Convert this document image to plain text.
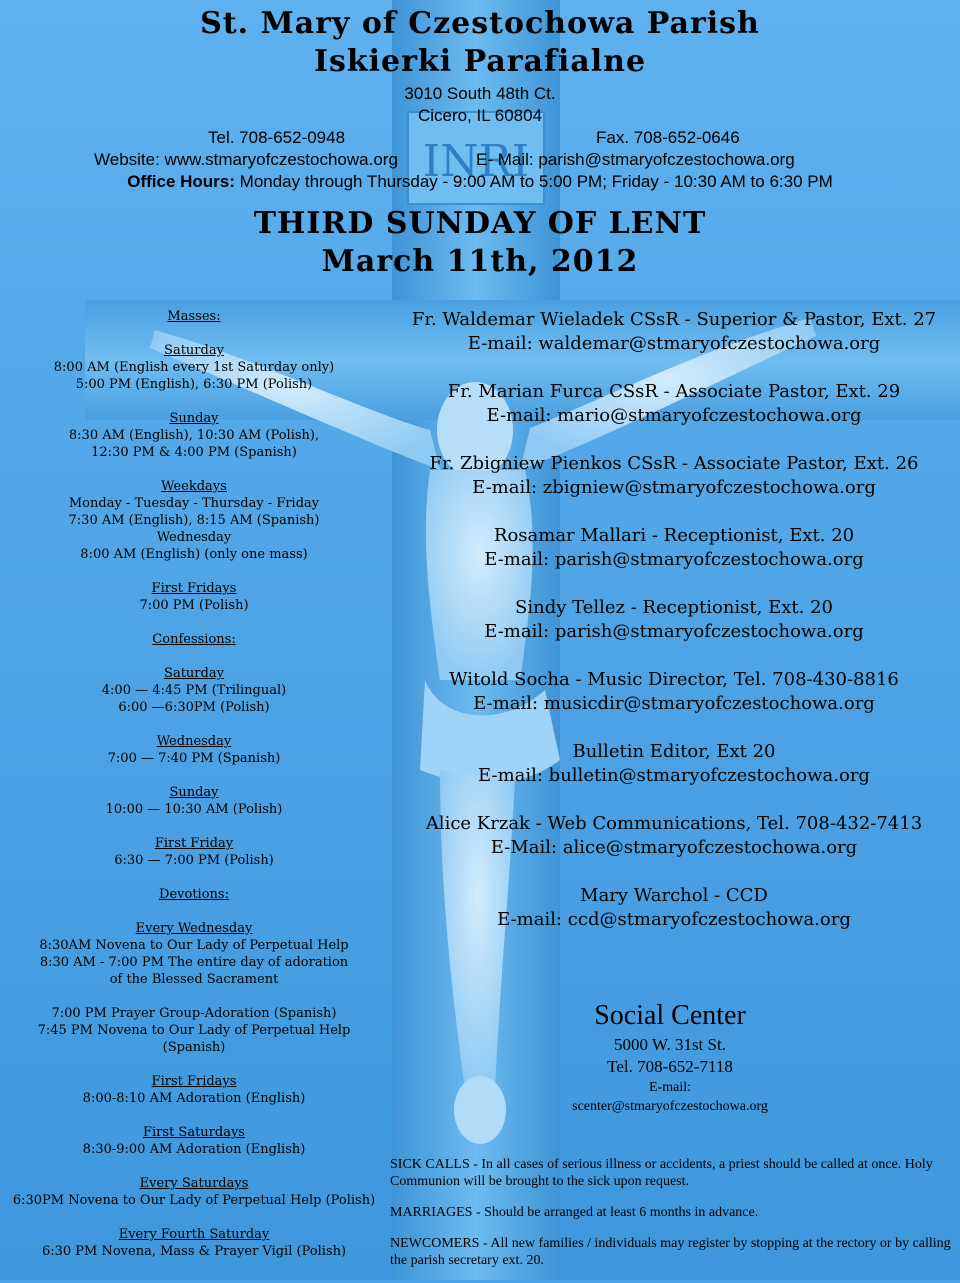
INRI
St. Mary of Czestochowa Parish
Iskierki Parafialne
3010 South 48th Ct.
Cicero, IL 60804
Tel. 708-652-0948	Fax. 708-652-0646
Website: www.stmaryofczestochowa.org	E- Mail: parish@stmaryofczestochowa.org
Office Hours: Monday through Thursday - 9:00 AM to 5:00 PM; Friday - 10:30 AM to 6:30 PM
THIRD SUNDAY OF LENT
March 11th, 2012
Masses:
Saturday
8:00 AM (English every 1st Saturday only)
5:00 PM (English), 6:30 PM (Polish)
Sunday
8:30 AM (English), 10:30 AM (Polish),
12:30 PM & 4:00 PM (Spanish)
Weekdays
Monday - Tuesday - Thursday - Friday
7:30 AM (English), 8:15 AM (Spanish)
Wednesday
8:00 AM (English) (only one mass)
First Fridays
7:00 PM (Polish)
Confessions:
Saturday
4:00 — 4:45 PM (Trilingual)
6:00 —6:30PM (Polish)
Wednesday
7:00 — 7:40 PM (Spanish)
Sunday
10:00 — 10:30 AM (Polish)
First Friday
6:30 — 7:00 PM (Polish)
Devotions:
Every Wednesday
8:30AM Novena to Our Lady of Perpetual Help
8:30 AM - 7:00 PM The entire day of adoration
of the Blessed Sacrament
7:00 PM Prayer Group-Adoration (Spanish)
7:45 PM Novena to Our Lady of Perpetual Help
(Spanish)
First Fridays
8:00-8:10 AM Adoration (English)
First Saturdays
8:30-9:00 AM Adoration (English)
Every Saturdays
6:30PM Novena to Our Lady of Perpetual Help (Polish)
Every Fourth Saturday
6:30 PM Novena, Mass & Prayer Vigil (Polish)
Fr. Waldemar Wieladek CSsR - Superior & Pastor, Ext. 27
E-mail: waldemar@stmaryofczestochowa.org
Fr. Marian Furca CSsR - Associate Pastor, Ext. 29
E-mail: mario@stmaryofczestochowa.org
Fr. Zbigniew Pienkos CSsR - Associate Pastor, Ext. 26
E-mail: zbigniew@stmaryofczestochowa.org
Rosamar Mallari - Receptionist, Ext. 20
E-mail: parish@stmaryofczestochowa.org
Sindy Tellez - Receptionist, Ext. 20
E-mail: parish@stmaryofczestochowa.org
Witold Socha - Music Director, Tel. 708-430-8816
E-mail: musicdir@stmaryofczestochowa.org
Bulletin Editor, Ext 20
E-mail: bulletin@stmaryofczestochowa.org
Alice Krzak - Web Communications, Tel. 708-432-7413
E-Mail: alice@stmaryofczestochowa.org
Mary Warchol - CCD
E-mail: ccd@stmaryofczestochowa.org
Social Center
5000 W. 31st St.
Tel. 708-652-7118
E-mail:
scenter@stmaryofczestochowa.org

SICK CALLS - In all cases of serious illness or accidents, a priest should be called at once. Holy Communion will be brought to the sick upon request.

MARRIAGES - Should be arranged at least 6 months in advance.

NEWCOMERS - All new families / individuals may register by stopping at the rectory or by calling the parish secretary ext. 20.
